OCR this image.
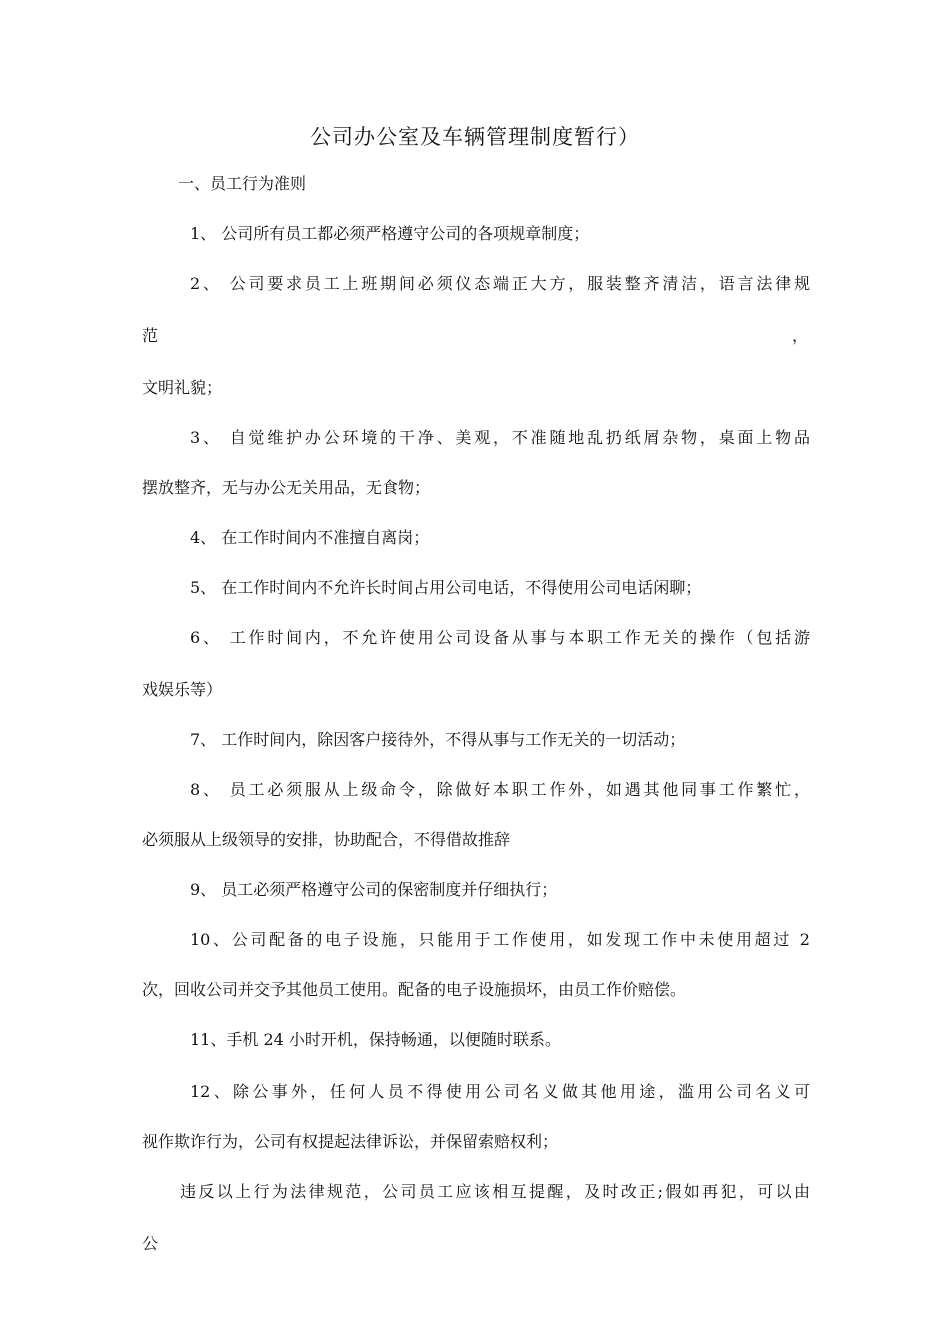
公司办公室及车辆管理制度暂行）
一、员工行为准则
1、 公司所有员工都必须严格遵守公司的各项规章制度；
2、 公司要求员工上班期间必须仪态端正大方，服装整齐清洁，语言法律规
范	，
文明礼貌；
3、 自觉维护办公环境的干净、美观，不准随地乱扔纸屑杂物，桌面上物品
摆放整齐，无与办公无关用品，无食物；
4、 在工作时间内不准擅自离岗；
5、 在工作时间内不允许长时间占用公司电话，不得使用公司电话闲聊；
6、 工作时间内，不允许使用公司设备从事与本职工作无关的操作（包括游
戏娱乐等）
7、 工作时间内，除因客户接待外，不得从事与工作无关的一切活动；
8、 员工必须服从上级命令，除做好本职工作外，如遇其他同事工作繁忙，
必须服从上级领导的安排，协助配合，不得借故推辞
9、 员工必须严格遵守公司的保密制度并仔细执行；
10、公司配备的电子设施，只能用于工作使用，如发现工作中未使用超过 2
次，回收公司并交予其他员工使用。配备的电子设施损坏，由员工作价赔偿。
11、手机 24 小时开机，保持畅通，以便随时联系。
12、除公事外，任何人员不得使用公司名义做其他用途，滥用公司名义可
视作欺诈行为，公司有权提起法律诉讼，并保留索赔权利；
违反以上行为法律规范，公司员工应该相互提醒，及时改正;假如再犯，可以由
公
